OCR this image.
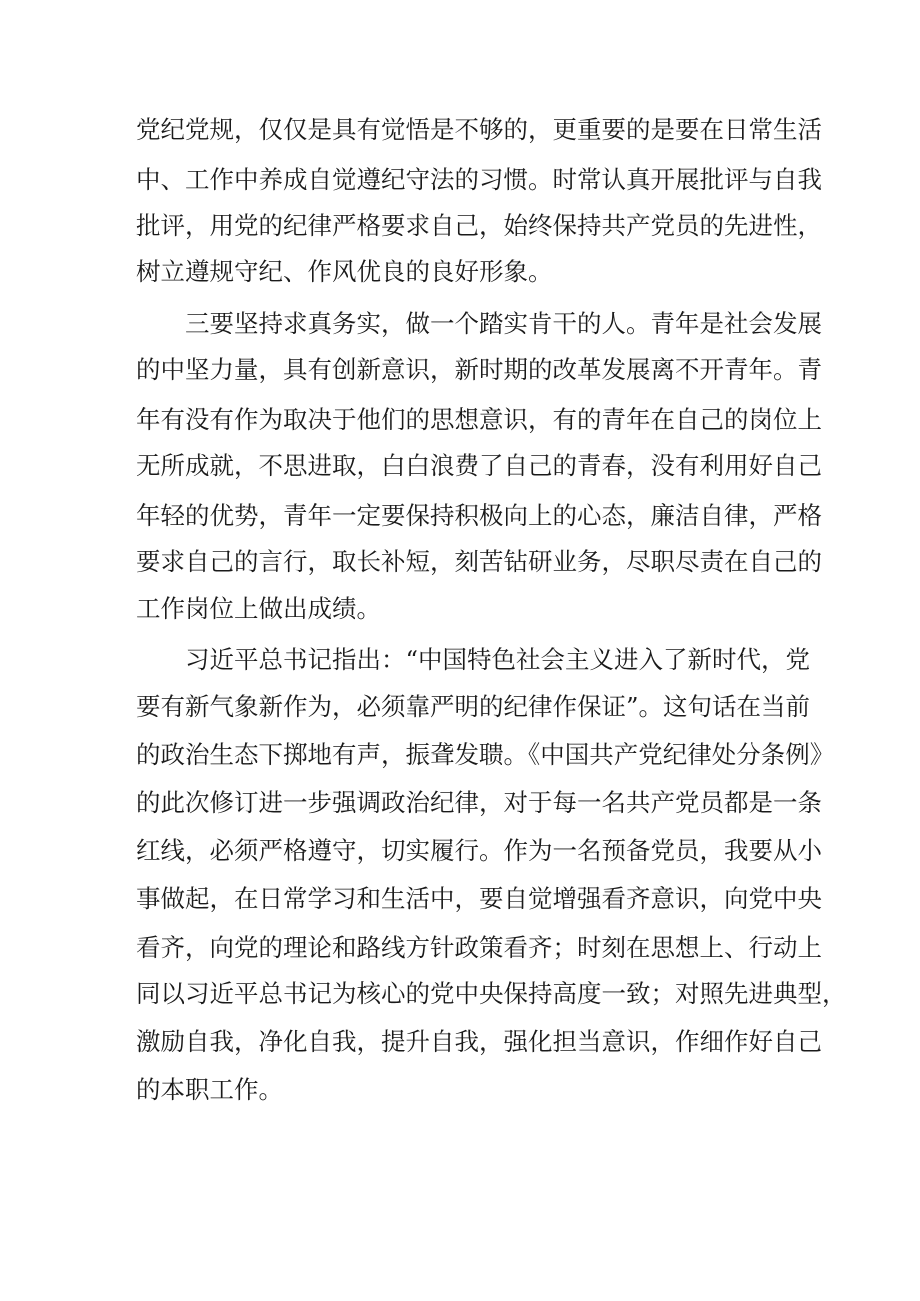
党纪党规，仅仅是具有觉悟是不够的，更重要的是要在日常生活
中、工作中养成自觉遵纪守法的习惯。时常认真开展批评与自我
批评，用党的纪律严格要求自己，始终保持共产党员的先进性，
树立遵规守纪、作风优良的良好形象。
三要坚持求真务实，做一个踏实肯干的人。青年是社会发展
的中坚力量，具有创新意识，新时期的改革发展离不开青年。青
年有没有作为取决于他们的思想意识，有的青年在自己的岗位上
无所成就，不思进取，白白浪费了自己的青春，没有利用好自己
年轻的优势，青年一定要保持积极向上的心态，廉洁自律，严格
要求自己的言行，取长补短，刻苦钻研业务，尽职尽责在自己的
工作岗位上做出成绩。
习近平总书记指出：“中国特色社会主义进入了新时代，党
要有新气象新作为，必须靠严明的纪律作保证”。这句话在当前
的政治生态下掷地有声，振聋发聩。《中国共产党纪律处分条例》
的此次修订进一步强调政治纪律，对于每一名共产党员都是一条
红线，必须严格遵守，切实履行。作为一名预备党员，我要从小
事做起，在日常学习和生活中，要自觉增强看齐意识，向党中央
看齐，向党的理论和路线方针政策看齐；时刻在思想上、行动上
同以习近平总书记为核心的党中央保持高度一致；对照先进典型，
激励自我，净化自我，提升自我，强化担当意识，作细作好自己
的本职工作。
